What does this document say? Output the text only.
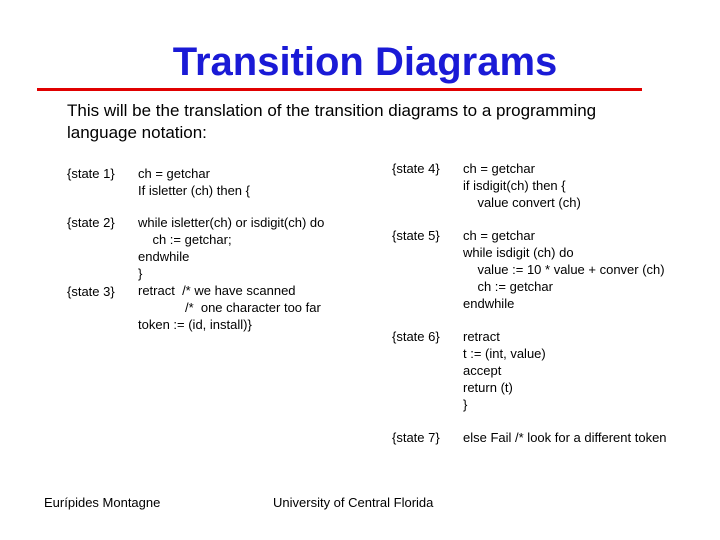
Transition Diagrams
This will be the translation of the transition diagrams to a programming language notation:
{state 1} ch = getchar
If isletter (ch) then {
{state 2} while isletter(ch) or isdigit(ch) do
ch := getchar;
endwhile
}
retract  /* we have scanned
/*  one character too far
token := (id, install)}
{state 3}
{state 4} ch = getchar
if isdigit(ch) then {
value convert (ch)
{state 5} ch = getchar
while isdigit (ch) do
value := 10 * value + conver (ch)
ch := getchar
endwhile
{state 6} retract
t := (int, value)
accept
return (t)
}
{state 7} else Fail /* look for a different token
Eurípides Montagne	University of Central Florida
